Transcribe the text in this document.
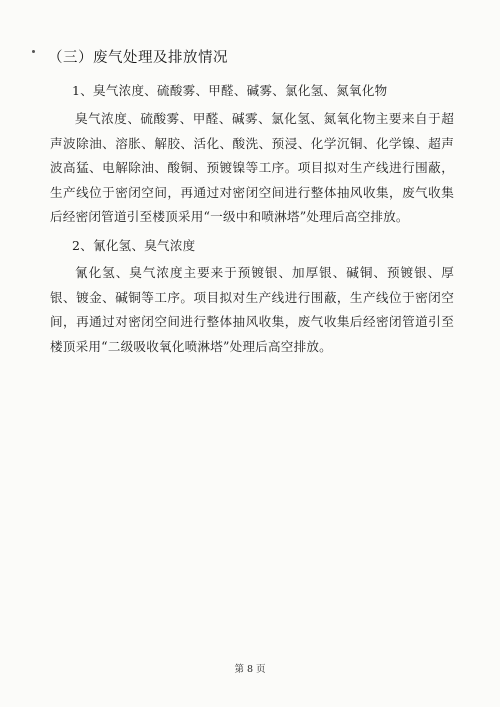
（三）废气处理及排放情况
1、臭气浓度、硫酸雾、甲醛、碱雾、氯化氢、氮氧化物

臭气浓度、硫酸雾、甲醛、碱雾、氯化氢、氮氧化物主要来自于超声波除油、溶胀、解胶、活化、酸洗、预浸、化学沉铜、化学镍、超声波高猛、电解除油、酸铜、预镀镍等工序。项目拟对生产线进行围蔽，生产线位于密闭空间，再通过对密闭空间进行整体抽风收集，废气收集后经密闭管道引至楼顶采用“一级中和喷淋塔”处理后高空排放。

2、氰化氢、臭气浓度

氰化氢、臭气浓度主要来于预镀银、加厚银、碱铜、预镀银、厚银、镀金、碱铜等工序。项目拟对生产线进行围蔽，生产线位于密闭空间，再通过对密闭空间进行整体抽风收集，废气收集后经密闭管道引至楼顶采用“二级吸收氧化喷淋塔”处理后高空排放。

第 8 页
